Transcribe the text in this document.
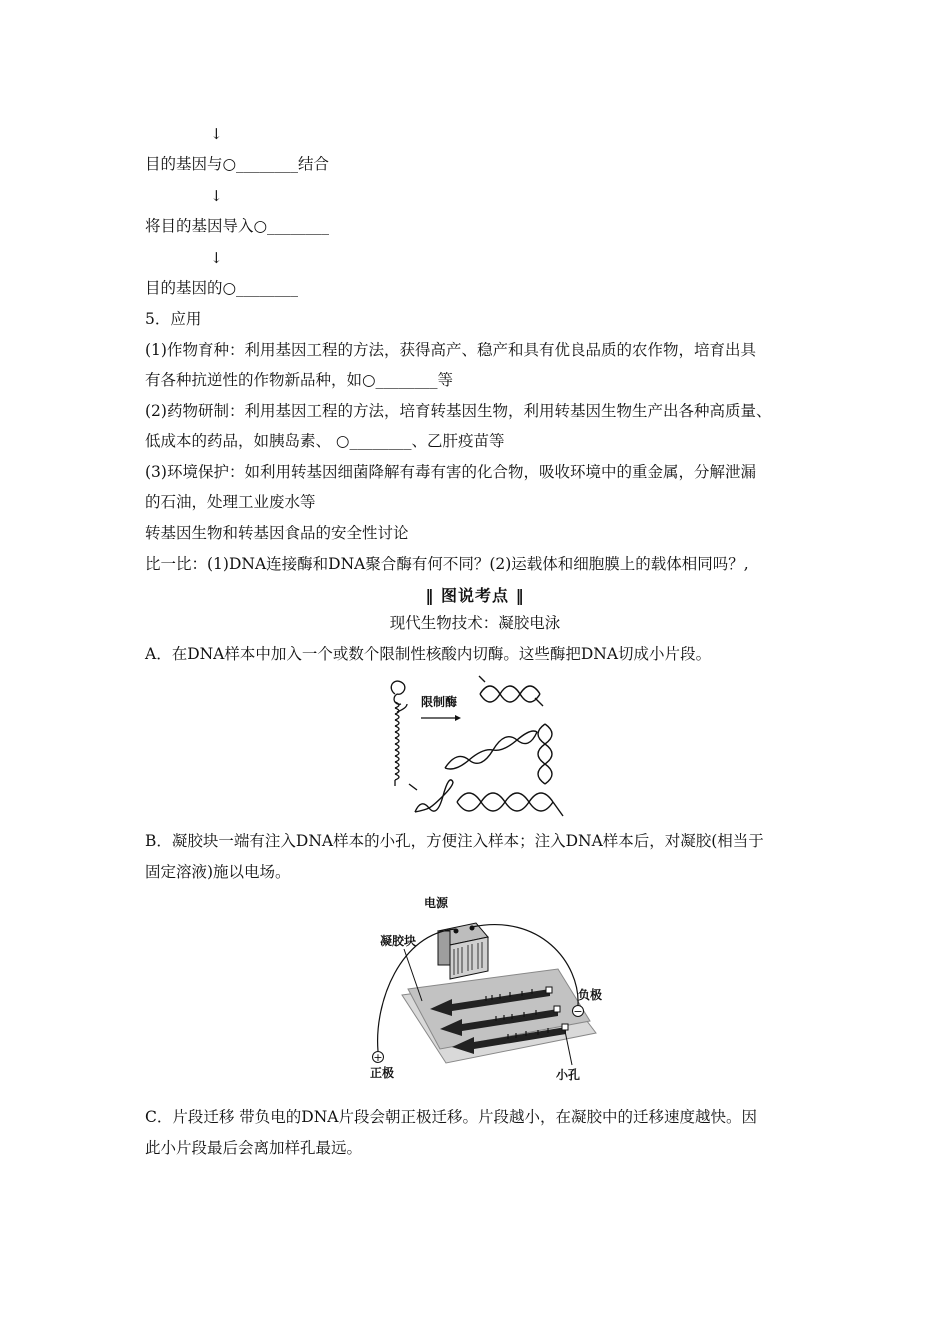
↓
目的基因与○________结合
↓
将目的基因导入○________
↓
目的基因的○________
5．应用
(1)作物育种：利用基因工程的方法，获得高产、稳产和具有优良品质的农作物，培育出具
有各种抗逆性的作物新品种，如○________等
(2)药物研制：利用基因工程的方法，培育转基因生物，利用转基因生物生产出各种高质量、
低成本的药品，如胰岛素、 ○________、乙肝疫苗等
(3)环境保护：如利用转基因细菌降解有毒有害的化合物，吸收环境中的重金属，分解泄漏
的石油，处理工业废水等
转基因生物和转基因食品的安全性讨论
比一比：(1)DNA连接酶和DNA聚合酶有何不同？(2)运载体和细胞膜上的载体相同吗？,
‖ 图说考点 ‖
现代生物技术：凝胶电泳
A．在DNA样本中加入一个或数个限制性核酸内切酶。这些酶把DNA切成小片段。
限制酶
B．凝胶块一端有注入DNA样本的小孔，方便注入样本；注入DNA样本后，对凝胶(相当于
固定溶液)施以电场。
电源
凝胶块
−
负极
+
正极	小孔
C．片段迁移 带负电的DNA片段会朝正极迁移。片段越小，在凝胶中的迁移速度越快。因
此小片段最后会离加样孔最远。
